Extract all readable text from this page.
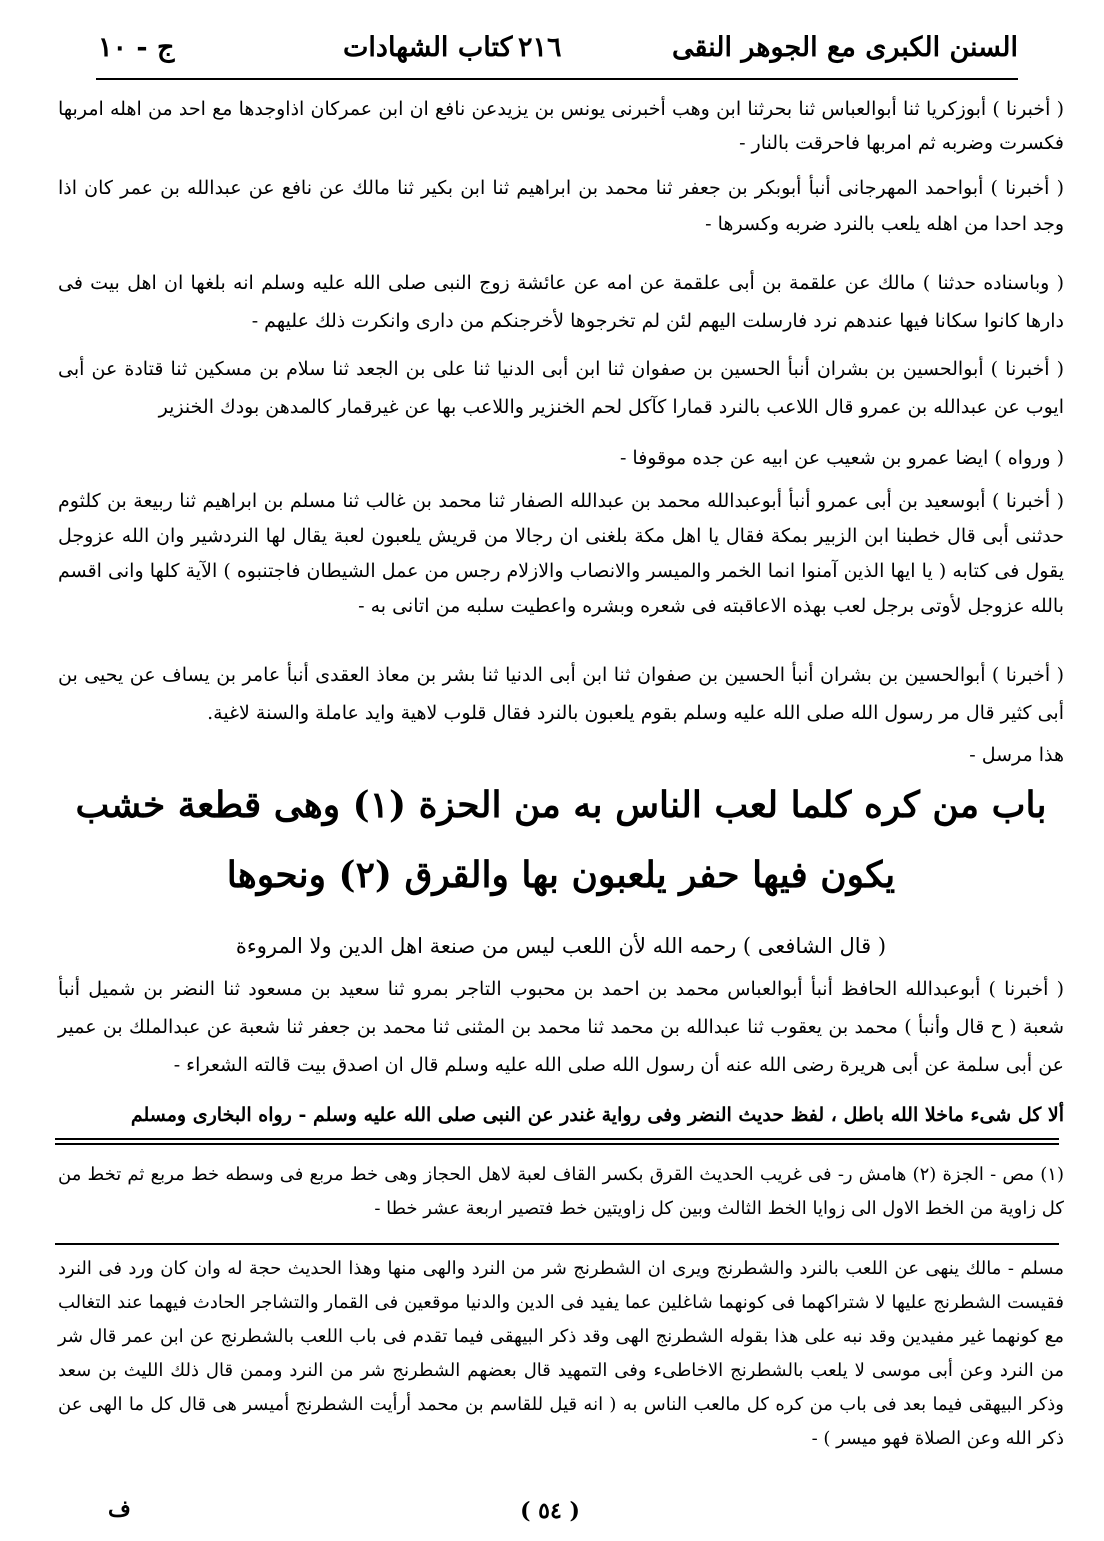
السنن الكبرى مع الجوهر النقى
٢١٦
كتاب الشهادات
ج - ١٠

( أخبرنا ) أبوزكريا ثنا أبوالعباس ثنا بحرثنا ابن وهب أخبرنى يونس بن يزيدعن نافع ان ابن عمركان اذاوجدها مع احد من اهله امربها فكسرت وضربه ثم امربها فاحرقت بالنار -

( أخبرنا ) أبواحمد المهرجانى أنبأ أبوبكر بن جعفر ثنا محمد بن ابراهيم ثنا ابن بكير ثنا مالك عن نافع عن عبدالله بن عمر كان اذا وجد احدا من اهله يلعب بالنرد ضربه وكسرها -

( وباسناده حدثنا ) مالك عن علقمة بن أبى علقمة عن امه عن عائشة زوج النبى صلى الله عليه وسلم انه بلغها ان اهل بيت فى دارها كانوا سكانا فيها عندهم نرد فارسلت اليهم لئن لم تخرجوها لأخرجنكم من دارى وانكرت ذلك عليهم -

( أخبرنا ) أبوالحسين بن بشران أنبأ الحسين بن صفوان ثنا ابن أبى الدنيا ثنا على بن الجعد ثنا سلام بن مسكين ثنا قتادة عن أبى ايوب عن عبدالله بن عمرو قال اللاعب بالنرد قمارا كآكل لحم الخنزير واللاعب بها عن غيرقمار كالمدهن بودك الخنزير

( ورواه ) ايضا عمرو بن شعيب عن ابيه عن جده موقوفا -

( أخبرنا ) أبوسعيد بن أبى عمرو أنبأ أبوعبدالله محمد بن عبدالله الصفار ثنا محمد بن غالب ثنا مسلم بن ابراهيم ثنا ربيعة بن كلثوم حدثنى أبى قال خطبنا ابن الزبير بمكة فقال يا اهل مكة بلغنى ان رجالا من قريش يلعبون لعبة يقال لها النردشير وان الله عزوجل يقول فى كتابه ( يا ايها الذين آمنوا انما الخمر والميسر والانصاب والازلام رجس من عمل الشيطان فاجتنبوه ) الآية كلها وانى اقسم بالله عزوجل لأوتى برجل لعب بهذه الاعاقبته فى شعره وبشره واعطيت سلبه من اتانى به -

( أخبرنا ) أبوالحسين بن بشران أنبأ الحسين بن صفوان ثنا ابن أبى الدنيا ثنا بشر بن معاذ العقدى أنبأ عامر بن يساف عن يحيى بن أبى كثير قال مر رسول الله صلى الله عليه وسلم بقوم يلعبون بالنرد فقال قلوب لاهية وايد عاملة والسنة لاغية.

هذا مرسل -

باب من كره كلما لعب الناس به من الحزة (١) وهى قطعة خشب
يكون فيها حفر يلعبون بها والقرق (٢) ونحوها
( قال الشافعى ) رحمه الله لأن اللعب ليس من صنعة اهل الدين ولا المروءة

( أخبرنا ) أبوعبدالله الحافظ أنبأ أبوالعباس محمد بن احمد بن محبوب التاجر بمرو ثنا سعيد بن مسعود ثنا النضر بن شميل أنبأ شعبة ( ح قال وأنبأ ) محمد بن يعقوب ثنا عبدالله بن محمد ثنا محمد بن المثنى ثنا محمد بن جعفر ثنا شعبة عن عبدالملك بن عمير عن أبى سلمة عن أبى هريرة رضى الله عنه أن رسول الله صلى الله عليه وسلم قال ان اصدق بيت قالته الشعراء -

ألا كل شىء ماخلا الله باطل ، لفظ حديث النضر وفى رواية غندر عن النبى صلى الله عليه وسلم - رواه البخارى ومسلم

(١) مص - الجزة (٢) هامش ر- فى غريب الحديث القرق بكسر القاف لعبة لاهل الحجاز وهى خط مربع فى وسطه خط مربع ثم تخط من كل زاوية من الخط الاول الى زوايا الخط الثالث وبين كل زاويتين خط فتصير اربعة عشر خطا -

مسلم - مالك ينهى عن اللعب بالنرد والشطرنج ويرى ان الشطرنج شر من النرد والهى منها وهذا الحديث حجة له وان كان ورد فى النرد فقيست الشطرنج عليها لا شتراكهما فى كونهما شاغلين عما يفيد فى الدين والدنيا موقعين فى القمار والتشاجر الحادث فيهما عند التغالب مع كونهما غير مفيدين وقد نبه على هذا بقوله الشطرنج الهى وقد ذكر البيهقى فيما تقدم فى باب اللعب بالشطرنج عن ابن عمر قال شر من النرد وعن أبى موسى لا يلعب بالشطرنج الاخاطىء وفى التمهيد قال بعضهم الشطرنج شر من النرد وممن قال ذلك الليث بن سعد وذكر البيهقى فيما بعد فى باب من كره كل مالعب الناس به ( انه قيل للقاسم بن محمد أرأيت الشطرنج أميسر هى قال كل ما الهى عن ذكر الله وعن الصلاة فهو ميسر ) -

( ٥٤ )
ف
